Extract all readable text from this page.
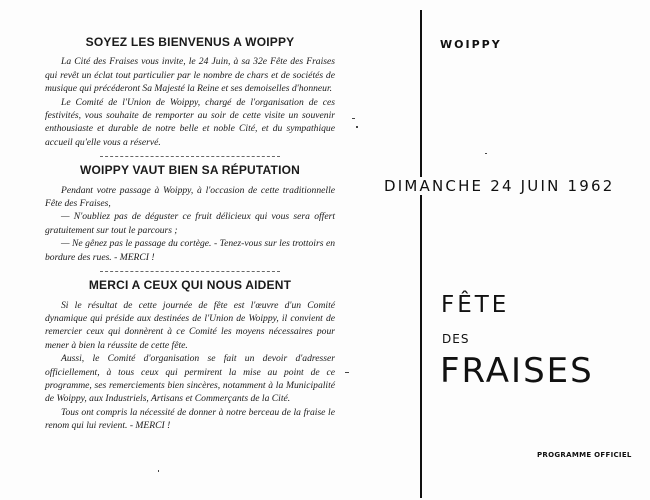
SOYEZ LES BIENVENUS A WOIPPY

La Cité des Fraises vous invite, le 24 Juin, à sa 32e Fête des Fraises qui revêt un éclat tout particulier par le nombre de chars et de sociétés de musique qui précéderont Sa Majesté la Reine et ses demoiselles d'honneur.

Le Comité de l'Union de Woippy, chargé de l'organisation de ces festivités, vous souhaite de remporter au soir de cette visite un souvenir enthousiaste et durable de notre belle et noble Cité, et du sympathique accueil qu'elle vous a réservé.

WOIPPY VAUT BIEN SA RÉPUTATION

Pendant votre passage à Woippy, à l'occasion de cette traditionnelle Fête des Fraises,

— N'oubliez pas de déguster ce fruit délicieux qui vous sera offert gratuitement sur tout le parcours ;

— Ne gênez pas le passage du cortège. - Tenez-vous sur les trottoirs en bordure des rues. - MERCI !

MERCI A CEUX QUI NOUS AIDENT

Si le résultat de cette journée de fête est l'œuvre d'un Comité dynamique qui préside aux destinées de l'Union de Woippy, il convient de remercier ceux qui donnèrent à ce Comité les moyens nécessaires pour mener à bien la réussite de cette fête.

Aussi, le Comité d'organisation se fait un devoir d'adresser officiellement, à tous ceux qui permirent la mise au point de ce programme, ses remerciements bien sincères, notamment à la Municipalité de Woippy, aux Industriels, Artisans et Commerçants de la Cité.

Tous ont compris la nécessité de donner à notre berceau de la fraise le renom qui lui revient. - MERCI !

WOIPPY
DIMANCHE 24 JUIN 1962
FÊTE
DES
FRAISES
PROGRAMME OFFICIEL
